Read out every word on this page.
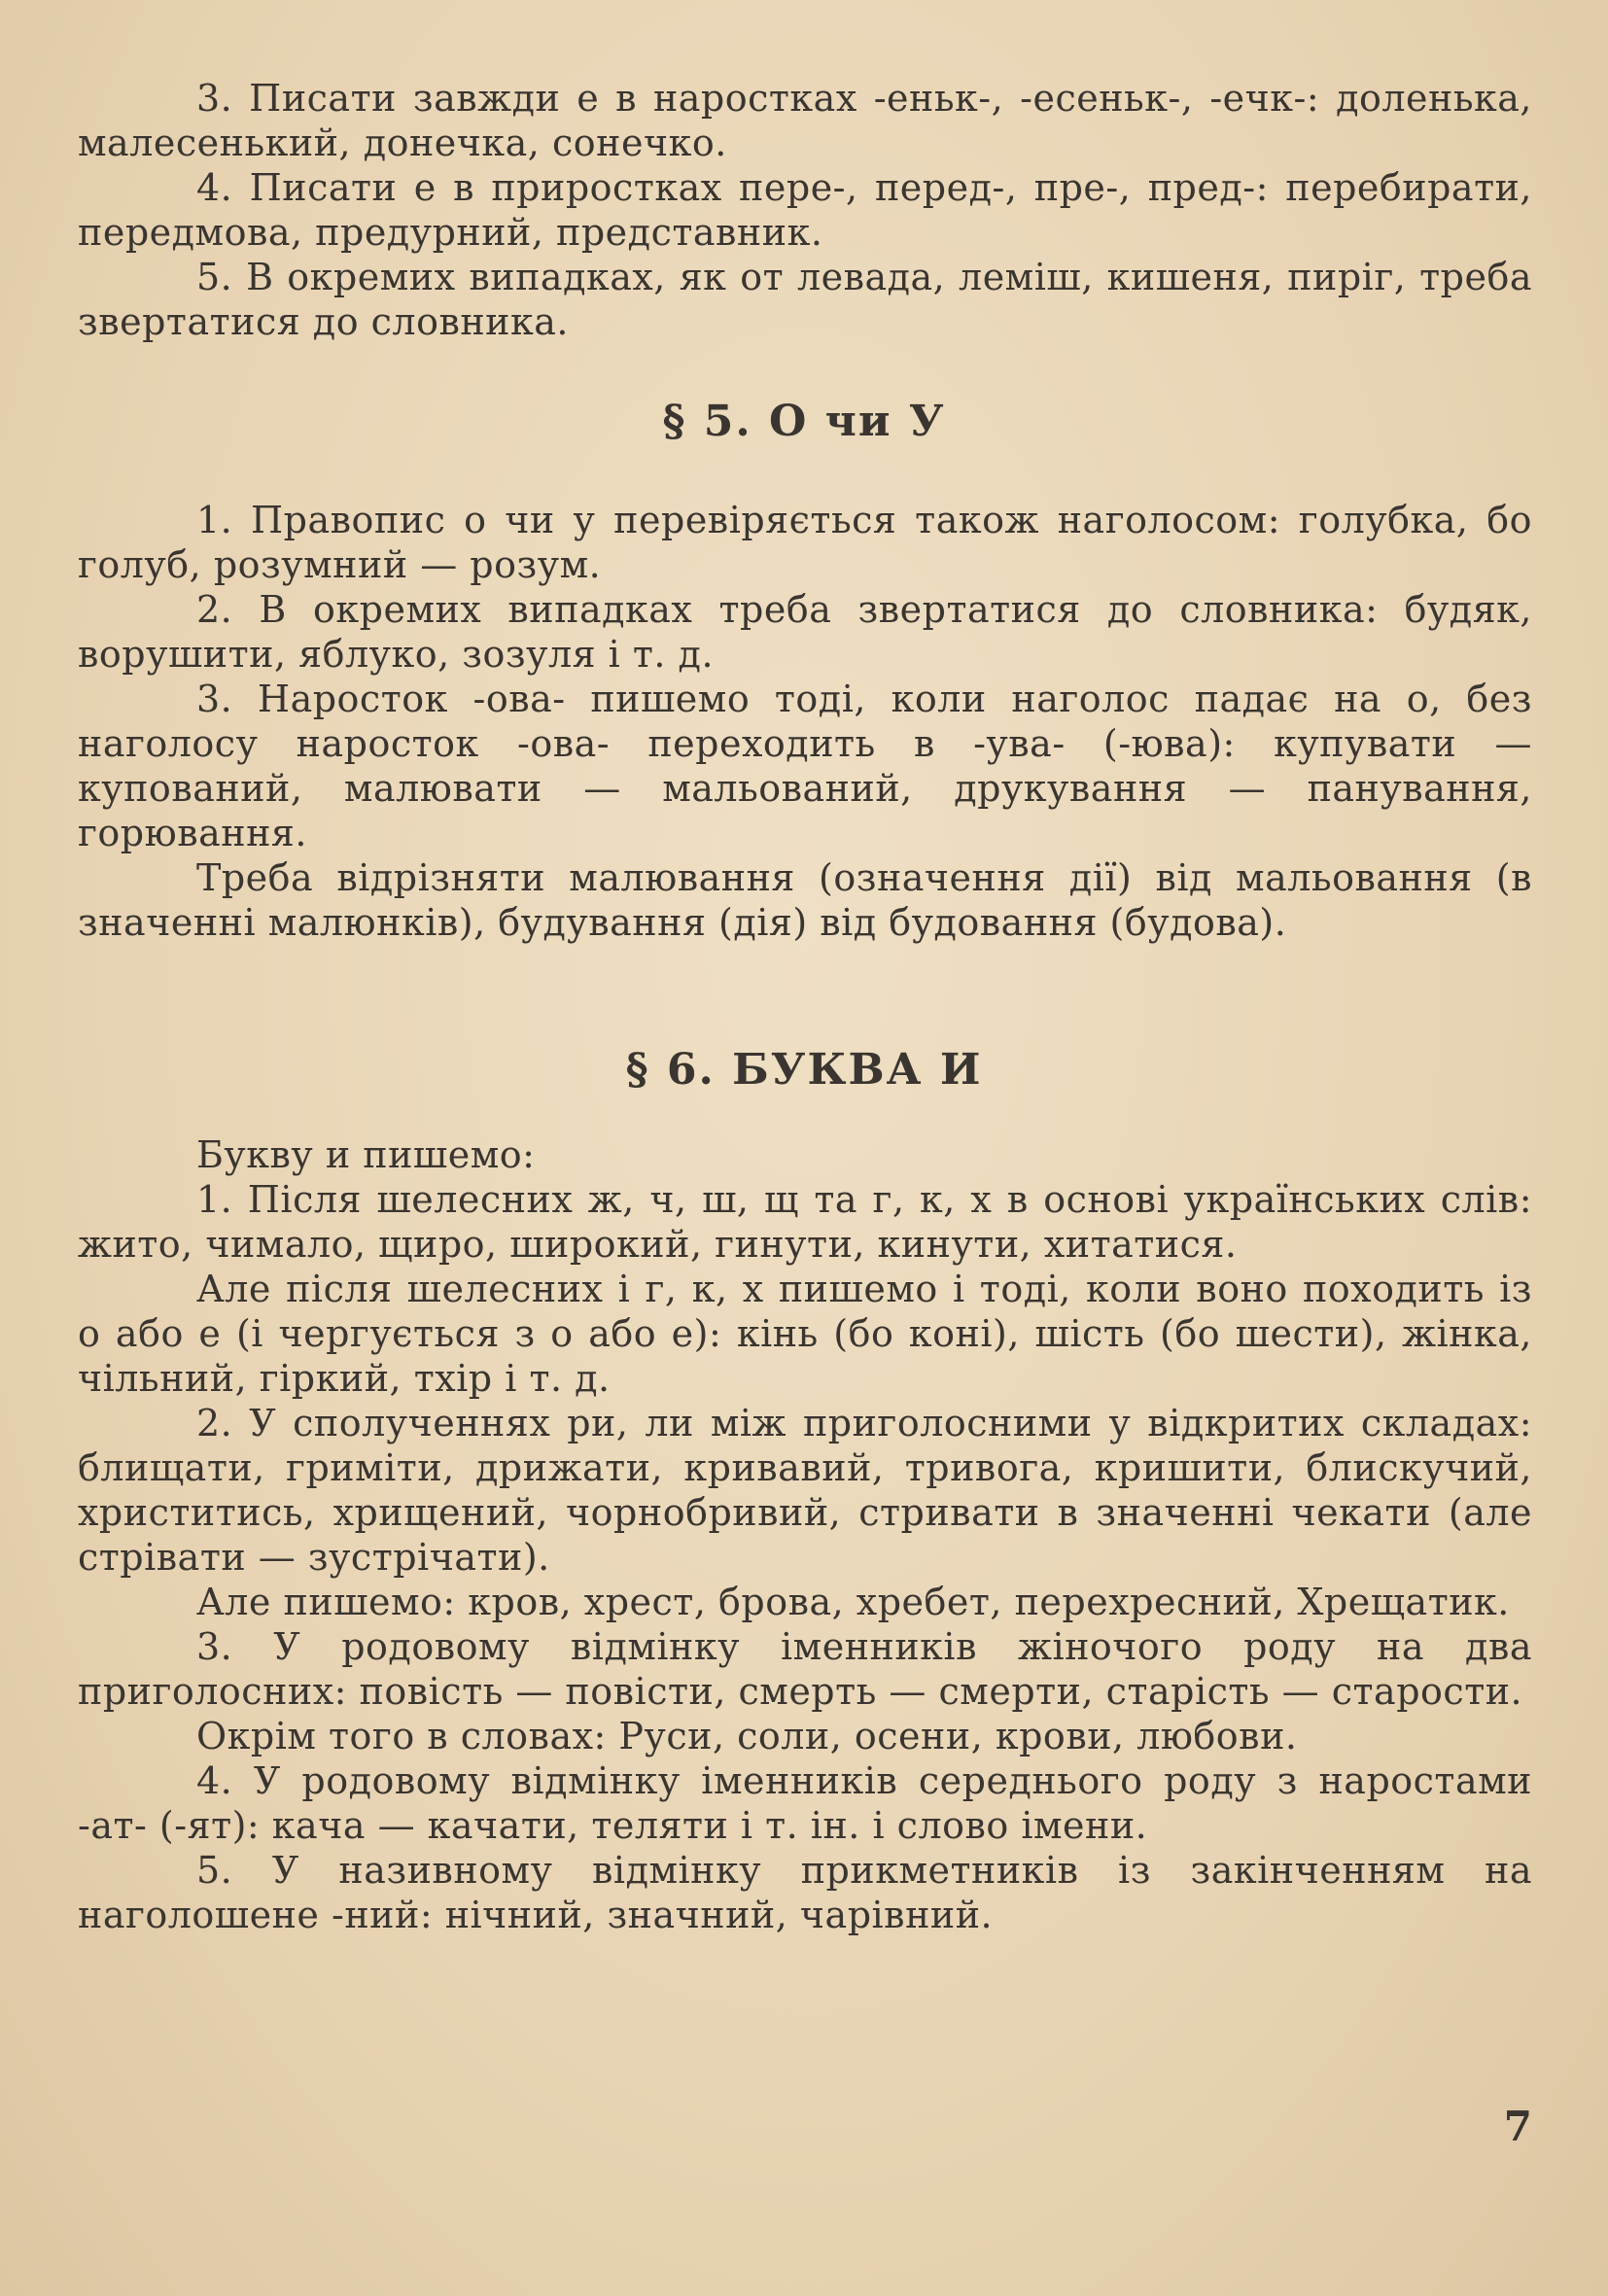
3. Писати завжди е в наростках -еньк-, -есеньк-, -ечк-: доленька, малесенький, донечка, сонечко.

4. Писати е в приростках пере-, перед-, пре-, пред-: перебирати, передмова, предурний, представник.

5. В окремих випадках, як от левада, леміш, кишеня, пиріг, треба звертатися до словника.

§ 5. О чи У

1. Правопис о чи у перевіряється також наголосом: голубка, бо голуб, розумний — розум.

2. В окремих випадках треба звертатися до словника: будяк, ворушити, яблуко, зозуля і т. д.

3. Наросток -ова- пишемо тоді, коли наголос падає на о, без наголосу наросток -ова- переходить в -ува- (-юва): купувати — купований, малювати — мальований, друкування — панування, горювання.

Треба відрізняти малювання (означення дії) від мальовання (в значенні малюнків), будування (дія) від будовання (будова).

§ 6. БУКВА И

Букву и пишемо:

1. Після шелесних ж, ч, ш, щ та г, к, х в основі українських слів: жито, чимало, щиро, широкий, гинути, кинути, хитатися.

Але після шелесних і г, к, х пишемо і тоді, коли воно походить із о або е (і чергується з о або е): кінь (бо коні), шість (бо шести), жінка, чільний, гіркий, тхір і т. д.

2. У сполученнях ри, ли між приголосними у відкритих складах: блищати, гриміти, дрижати, кривавий, тривога, кришити, блискучий, христитись, хрищений, чорнобривий, стривати в значенні чекати (але стрівати — зустрічати).

Але пишемо: кров, хрест, брова, хребет, перехресний, Хрещатик.

3. У родовому відмінку іменників жіночого роду на два приголосних: повість — повісти, смерть — смерти, старість — старости.

Окрім того в словах: Руси, соли, осени, крови, любови.

4. У родовому відмінку іменників середнього роду з наростами -ат- (-ят): кача — качати, теляти і т. ін. і слово імени.

5. У називному відмінку прикметників із закінченням на наголошене -ний: нічний, значний, чарівний.

7
